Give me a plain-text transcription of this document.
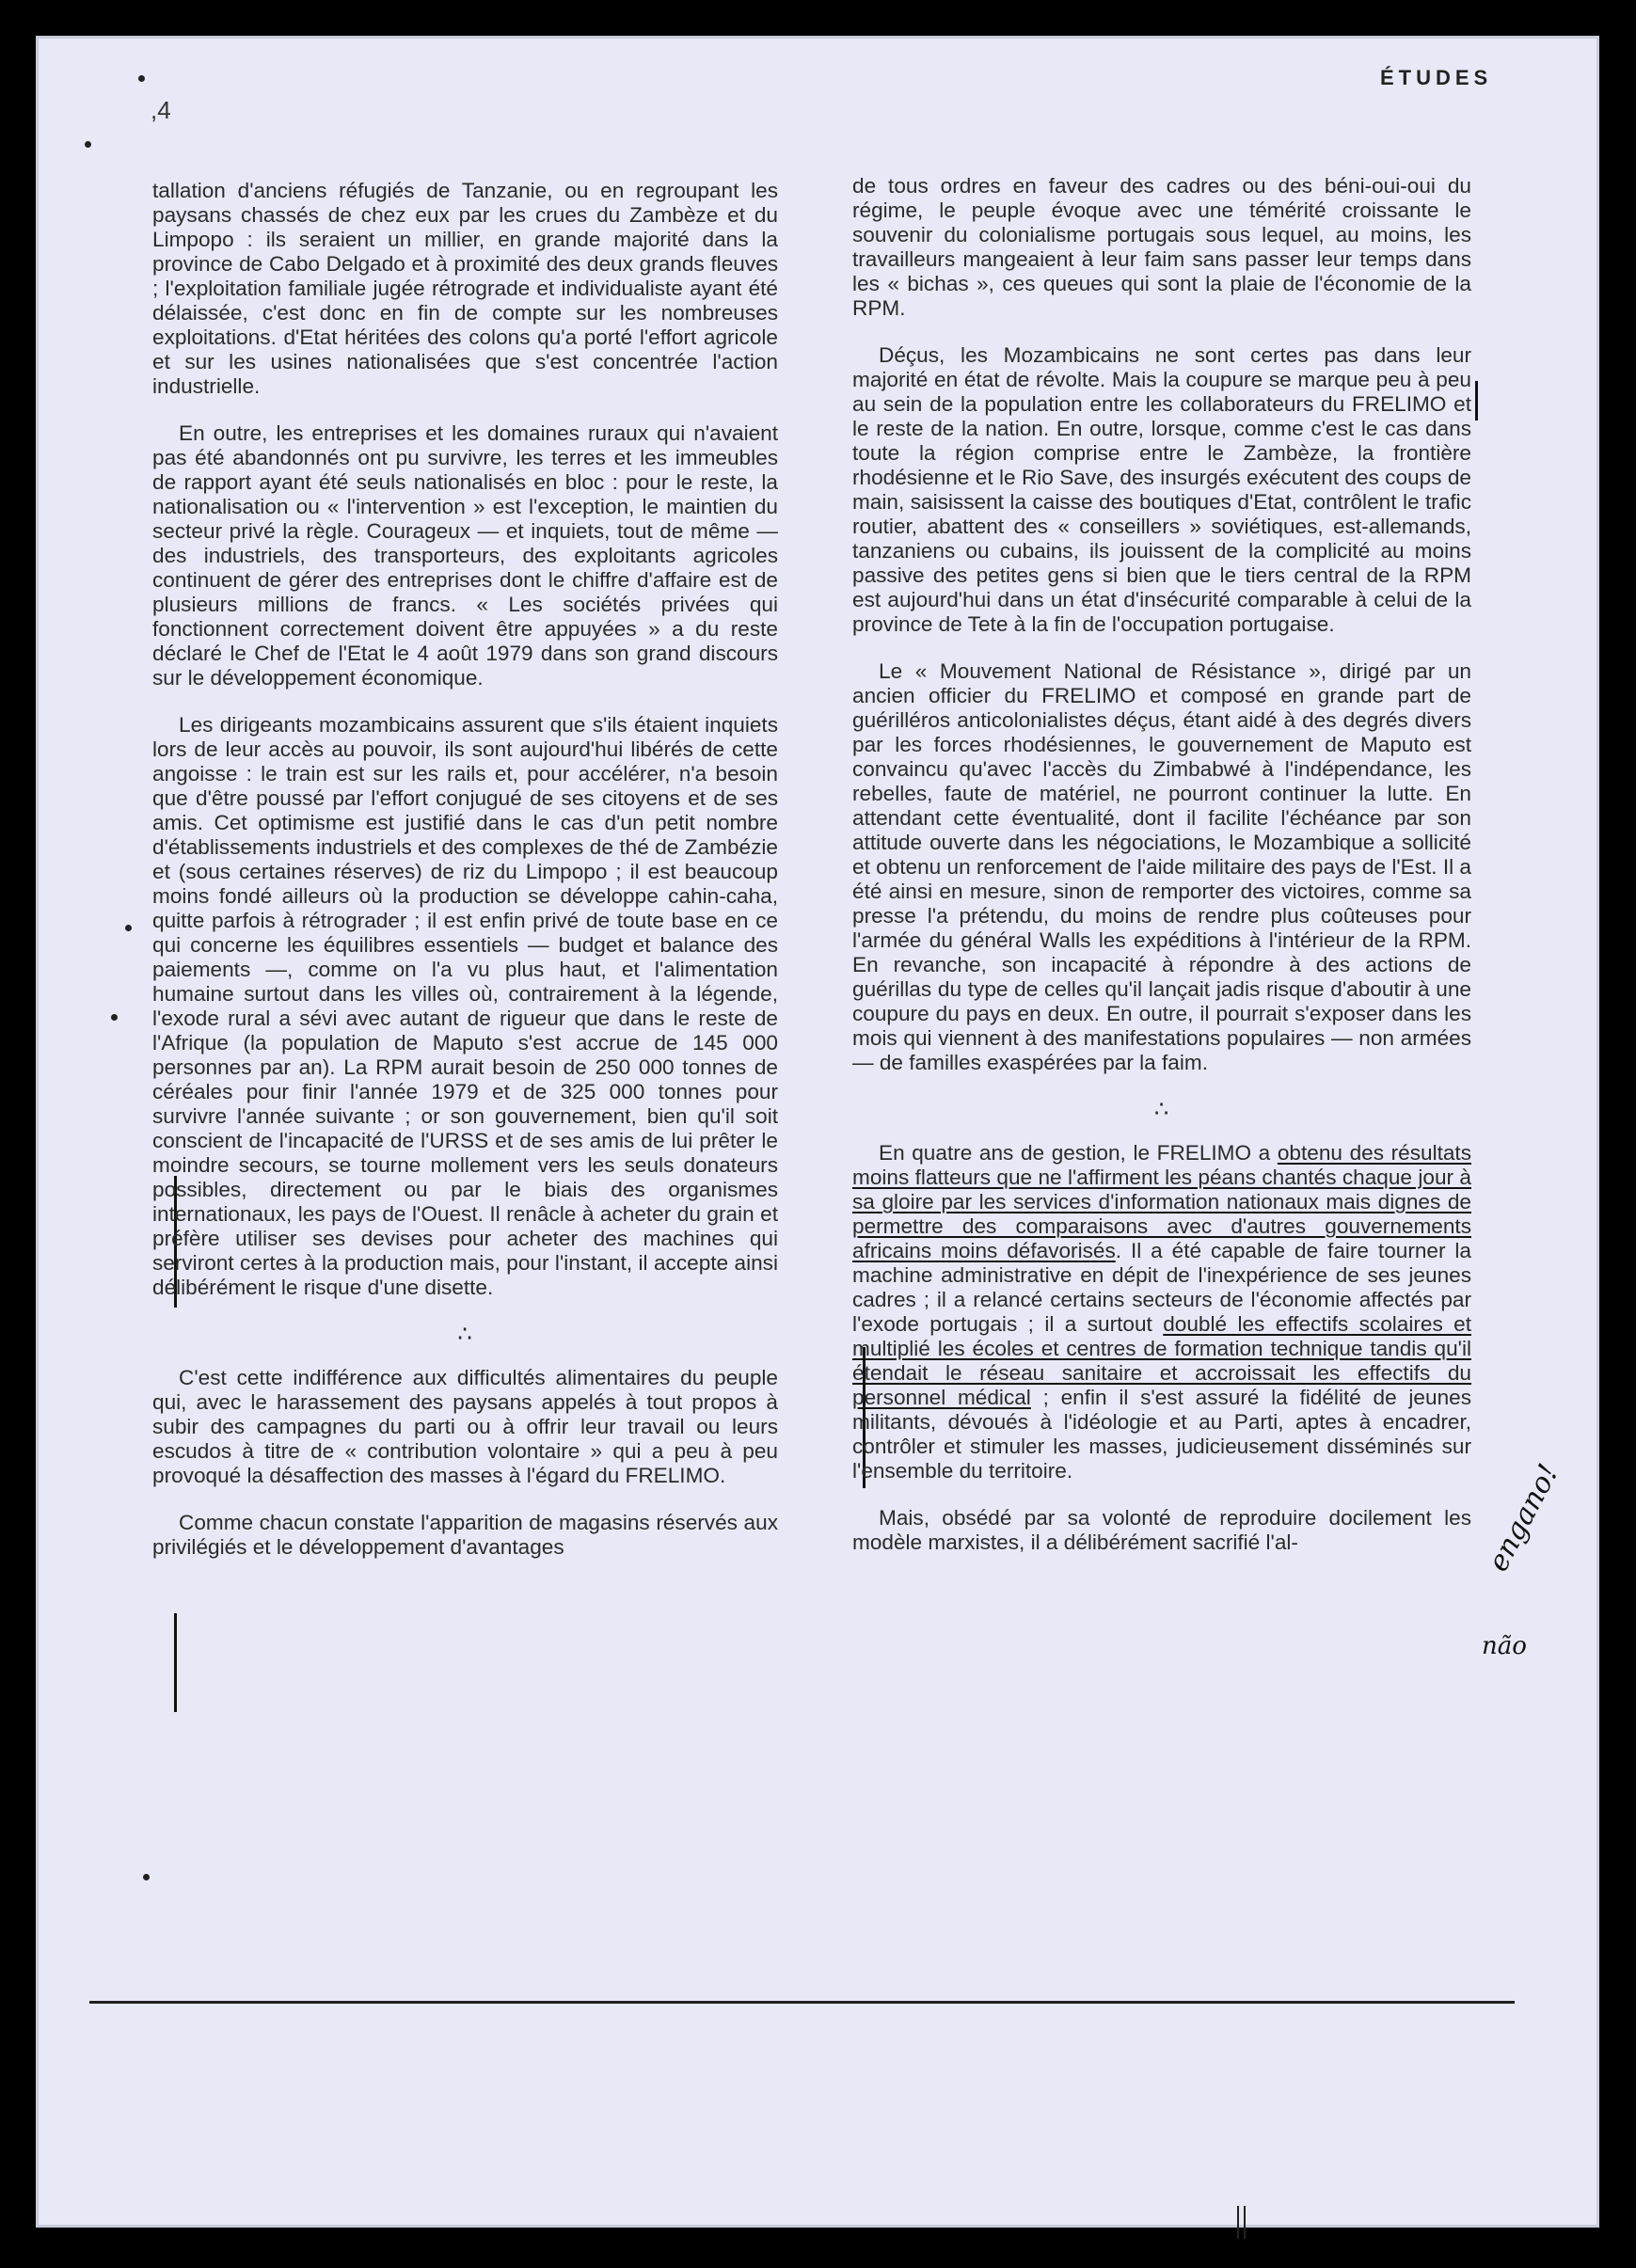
ÉTUDES
,4

tallation d'anciens réfugiés de Tanzanie, ou en regroupant les paysans chassés de chez eux par les crues du Zambèze et du Limpopo : ils seraient un millier, en grande majorité dans la province de Cabo Delgado et à proximité des deux grands fleuves ; l'exploitation familiale jugée rétrograde et individualiste ayant été délaissée, c'est donc en fin de compte sur les nombreuses exploitations. d'Etat héritées des colons qu'a porté l'effort agricole et sur les usines nationalisées que s'est concentrée l'action industrielle.

En outre, les entreprises et les domaines ruraux qui n'avaient pas été abandonnés ont pu survivre, les terres et les immeubles de rapport ayant été seuls nationalisés en bloc : pour le reste, la nationalisation ou « l'intervention » est l'exception, le maintien du secteur privé la règle. Courageux — et inquiets, tout de même — des industriels, des transporteurs, des exploitants agricoles continuent de gérer des entreprises dont le chiffre d'affaire est de plusieurs millions de francs. « Les sociétés privées qui fonctionnent correctement doivent être appuyées » a du reste déclaré le Chef de l'Etat le 4 août 1979 dans son grand discours sur le développement économique.

Les dirigeants mozambicains assurent que s'ils étaient inquiets lors de leur accès au pouvoir, ils sont aujourd'hui libérés de cette angoisse : le train est sur les rails et, pour accélérer, n'a besoin que d'être poussé par l'effort conjugué de ses citoyens et de ses amis. Cet optimisme est justifié dans le cas d'un petit nombre d'établissements industriels et des complexes de thé de Zambézie et (sous certaines réserves) de riz du Limpopo ; il est beaucoup moins fondé ailleurs où la production se développe cahin-caha, quitte parfois à rétrograder ; il est enfin privé de toute base en ce qui concerne les équilibres essentiels — budget et balance des paiements —, comme on l'a vu plus haut, et l'alimentation humaine surtout dans les villes où, contrairement à la légende, l'exode rural a sévi avec autant de rigueur que dans le reste de l'Afrique (la population de Maputo s'est accrue de 145 000 personnes par an). La RPM aurait besoin de 250 000 tonnes de céréales pour finir l'année 1979 et de 325 000 tonnes pour survivre l'année suivante ; or son gouvernement, bien qu'il soit conscient de l'incapacité de l'URSS et de ses amis de lui prêter le moindre secours, se tourne mollement vers les seuls donateurs possibles, directement ou par le biais des organismes internationaux, les pays de l'Ouest. Il renâcle à acheter du grain et préfère utiliser ses devises pour acheter des machines qui serviront certes à la production mais, pour l'instant, il accepte ainsi délibérément le risque d'une disette.

∴

C'est cette indifférence aux difficultés alimentaires du peuple qui, avec le harassement des paysans appelés à tout propos à subir des campagnes du parti ou à offrir leur travail ou leurs escudos à titre de « contribution volontaire » qui a peu à peu provoqué la désaffection des masses à l'égard du FRELIMO.

Comme chacun constate l'apparition de magasins réservés aux privilégiés et le développement d'avantages

de tous ordres en faveur des cadres ou des béni-oui-oui du régime, le peuple évoque avec une témérité croissante le souvenir du colonialisme portugais sous lequel, au moins, les travailleurs mangeaient à leur faim sans passer leur temps dans les « bichas », ces queues qui sont la plaie de l'économie de la RPM.

Déçus, les Mozambicains ne sont certes pas dans leur majorité en état de révolte. Mais la coupure se marque peu à peu au sein de la population entre les collaborateurs du FRELIMO et le reste de la nation. En outre, lorsque, comme c'est le cas dans toute la région comprise entre le Zambèze, la frontière rhodésienne et le Rio Save, des insurgés exécutent des coups de main, saisissent la caisse des boutiques d'Etat, contrôlent le trafic routier, abattent des « conseillers » soviétiques, est-allemands, tanzaniens ou cubains, ils jouissent de la complicité au moins passive des petites gens si bien que le tiers central de la RPM est aujourd'hui dans un état d'insécurité comparable à celui de la province de Tete à la fin de l'occupation portugaise.

Le « Mouvement National de Résistance », dirigé par un ancien officier du FRELIMO et composé en grande part de guérilléros anticolonialistes déçus, étant aidé à des degrés divers par les forces rhodésiennes, le gouvernement de Maputo est convaincu qu'avec l'accès du Zimbabwé à l'indépendance, les rebelles, faute de matériel, ne pourront continuer la lutte. En attendant cette éventualité, dont il facilite l'échéance par son attitude ouverte dans les négociations, le Mozambique a sollicité et obtenu un renforcement de l'aide militaire des pays de l'Est. Il a été ainsi en mesure, sinon de remporter des victoires, comme sa presse l'a prétendu, du moins de rendre plus coûteuses pour l'armée du général Walls les expéditions à l'intérieur de la RPM. En revanche, son incapacité à répondre à des actions de guérillas du type de celles qu'il lançait jadis risque d'aboutir à une coupure du pays en deux. En outre, il pourrait s'exposer dans les mois qui viennent à des manifestations populaires — non armées — de familles exaspérées par la faim.

∴

En quatre ans de gestion, le FRELIMO a obtenu des résultats moins flatteurs que ne l'affirment les péans chantés chaque jour à sa gloire par les services d'information nationaux mais dignes de permettre des comparaisons avec d'autres gouvernements africains moins défavorisés. Il a été capable de faire tourner la machine administrative en dépit de l'inexpérience de ses jeunes cadres ; il a relancé certains secteurs de l'économie affectés par l'exode portugais ; il a surtout doublé les effectifs scolaires et multiplié les écoles et centres de formation technique tandis qu'il étendait le réseau sanitaire et accroissait les effectifs du personnel médical ; enfin il s'est assuré la fidélité de jeunes militants, dévoués à l'idéologie et au Parti, aptes à encadrer, contrôler et stimuler les masses, judicieusement disséminés sur l'ensemble du territoire.

Mais, obsédé par sa volonté de reproduire docilement les modèle marxistes, il a délibérément sacrifié l'al-	engano!
não
